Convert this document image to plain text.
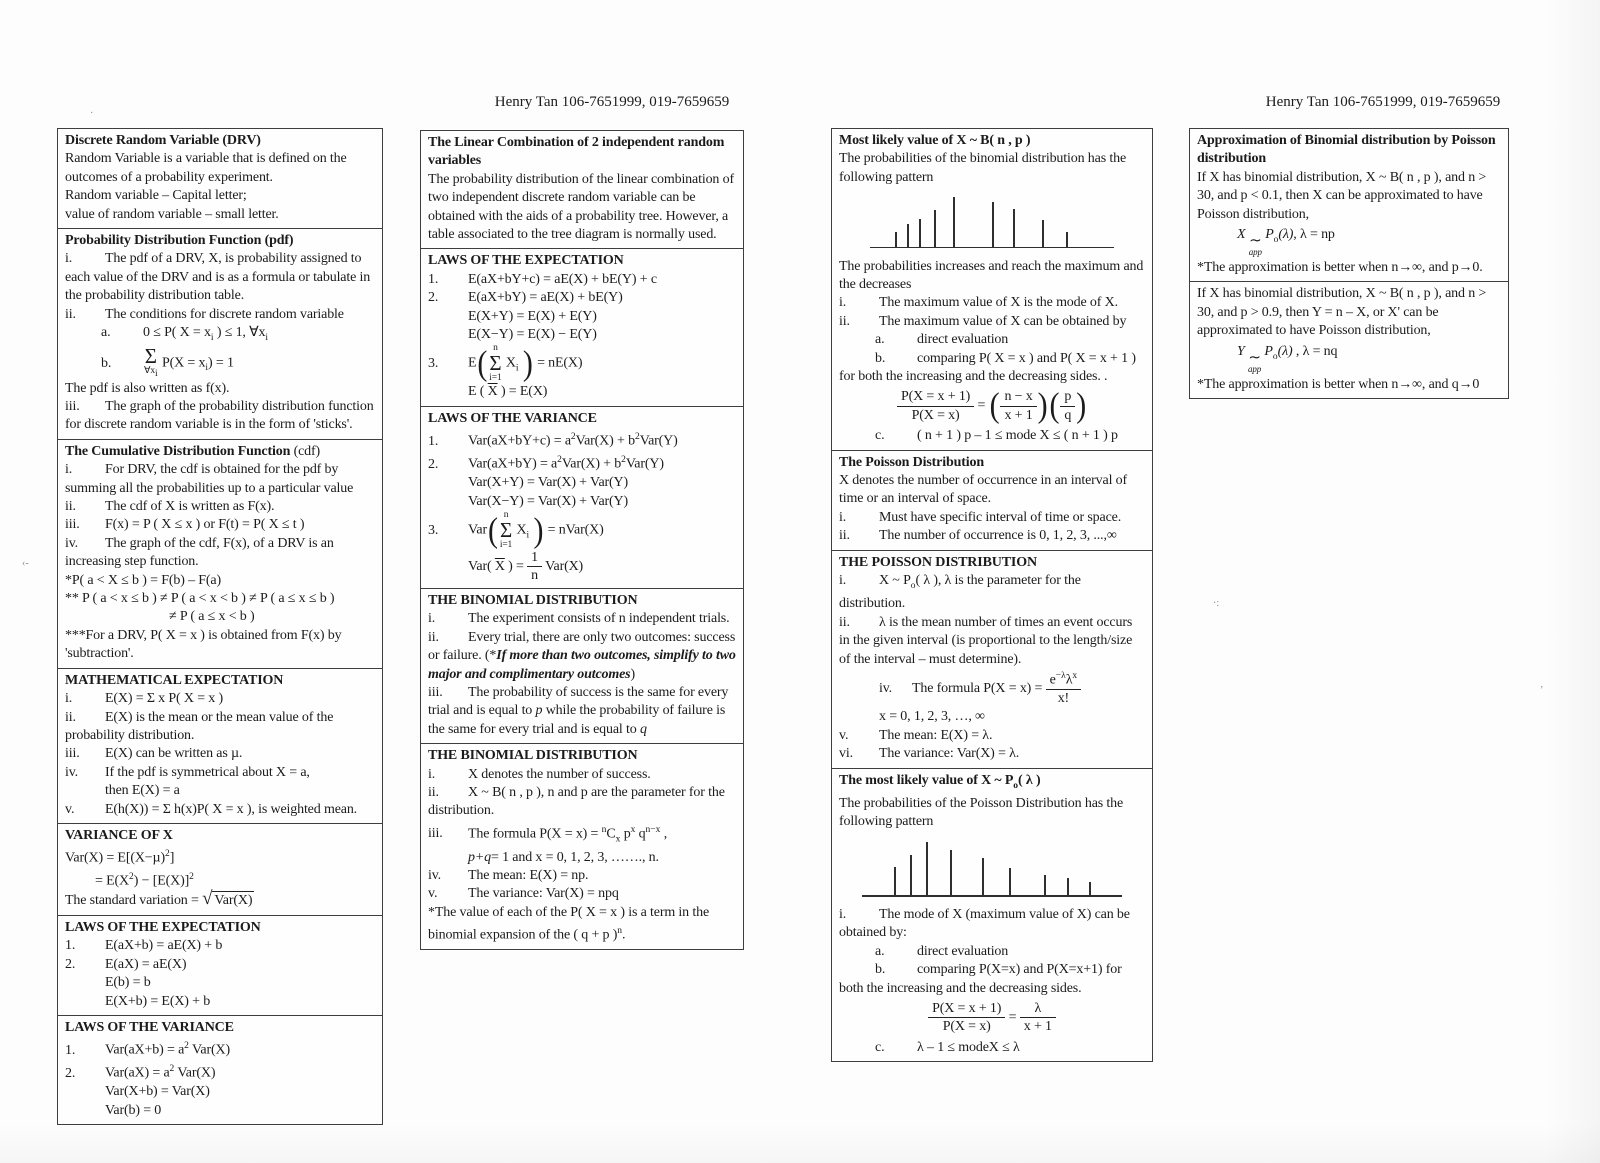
Henry Tan 106-7651999, 019-7659659	Henry Tan 106-7651999, 019-7659659
Discrete Random Variable (DRV)
Random Variable is a variable that is defined on the outcomes of a probability experiment.
Random variable – Capital letter;
value of random variable – small letter.
Probability Distribution Function (pdf)
i. The pdf of a DRV, X, is probability assigned to each value of the DRV and is as a formula or tabulate in the probability distribution table.
ii. The conditions for discrete random variable
a. 0 ≤ P( $X = x_i$ ) ≤ 1, $\forall x_i$
b. Σ
$\forall x_i$
$P(X = x_i) = 1$
The pdf is also written as f(x).
iii. The graph of the probability distribution function for discrete random variable is in the form of 'sticks'.
The Cumulative Distribution Function (cdf)
i. For DRV, the cdf is obtained for the pdf by summing all the probabilities up to a particular value
ii. The cdf of X is written as F(x).
iii. F(x) = P ( X ≤ x ) or F(t) = P( X ≤ t )
iv. The graph of the cdf, F(x), of a DRV is an increasing step function.
*P( a < X ≤ b ) = F(b) – F(a)
** P ( a < x ≤ b ) ≠ P ( a < x < b ) ≠ P ( a ≤ x ≤ b )
≠ P ( a ≤ x < b )
***For a DRV, P( X = x ) is obtained from F(x) by 'subtraction'.
MATHEMATICAL EXPECTATION
i. E(X) = Σ x P( X = x )
ii. E(X) is the mean or the mean value of the probability distribution.
iii. E(X) can be written as µ.
iv. If the pdf is symmetrical about X = a,
then E(X) = a
v. E(h(X)) = Σ h(x)P( X = x ), is weighted mean.
VARIANCE OF X
$Var(X) = E[(X-\mu)^2]$
= $E(X^2) - [E(X)]^2$
The standard variation = √ Var(X)
LAWS OF THE EXPECTATION
1. E(aX+b) = aE(X) + b
2. E(aX) = aE(X)
E(b) = b
E(X+b) = E(X) + b
LAWS OF THE VARIANCE
1. $Var(aX+b) = a^2$ Var(X)
2. $Var(aX) = a^2$ Var(X)
Var(X+b) = Var(X)
Var(b) = 0
The Linear Combination of 2 independent random variables
The probability distribution of the linear combination of two independent discrete random variable can be obtained with the aids of a probability tree. However, a table associated to the tree diagram is normally used.
LAWS OF THE EXPECTATION
1. E(aX+bY+c) = aE(X) + bE(Y) + c
2. E(aX+bY) = aE(X) + bE(Y)
E(X+Y) = E(X) + E(Y)
E(X−Y) = E(X) − E(Y)
3. E ( n
Σ
i=1
$X_i$ ) = nE(X)
E ( $\overline{X}$ ) = E(X)
LAWS OF THE VARIANCE
1. $Var(aX+bY+c) = a^2Var(X) + b^2Var(Y)$
2. $Var(aX+bY) = a^2Var(X) + b^2Var(Y)$
Var(X+Y) = Var(X) + Var(Y)
Var(X−Y) = Var(X) + Var(Y)
3. Var ( n
Σ
i=1
$X_i$ ) = nVar(X)
Var( $\overline{X}$ ) = $\frac{1}{n} Var(X)$
THE BINOMIAL DISTRIBUTION
i. The experiment consists of n independent trials.
ii. Every trial, there are only two outcomes: success or failure. (*If more than two outcomes, simplify to two major and complimentary outcomes)
iii. The probability of success is the same for every trial and is equal to p while the probability of failure is the same for every trial and is equal to q
THE BINOMIAL DISTRIBUTION
i. X denotes the number of success.
ii. X ~ B( n , p ), n and p are the parameter for the distribution.
iii. The formula $P(X = x) = ^nC_x$ $p^x$ $q^{n-x}$ ,
p+q= 1 and x = 0, 1, 2, 3, ……., n.
iv. The mean: E(X) = np.
v. The variance: Var(X) = npq
*The value of each of the P( X = x ) is a term in the binomial expansion of the ( q + p )$^n$.
Most likely value of X ~ B( n , p )
The probabilities of the binomial distribution has the following pattern
The probabilities increases and reach the maximum and the decreases
i. The maximum value of X is the mode of X.
ii. The maximum value of X can be obtained by
a. direct evaluation
b. comparing P( X = x ) and P( X = x + 1 )
for both the increasing and the decreasing sides. .
$\frac{P(X = x + 1)}{P(X = x)}$ = ( $\frac{n - x}{x + 1}$ ) ( $\frac{p}{q}$ )
c. ( n + 1 ) p – 1 ≤ mode X ≤ ( n + 1 ) p
The Poisson Distribution
X denotes the number of occurrence in an interval of time or an interval of space.
i. Must have specific interval of time or space.
ii. The number of occurrence is 0, 1, 2, 3, ...,∞
THE POISSON DISTRIBUTION
i. X ~ $P_o$( λ ), λ is the parameter for the distribution.
ii. λ is the mean number of times an event occurs in the given interval (is proportional to the length/size of the interval – must determine).
iv. The formula $P(X = x) = \frac{e^{-\lambda}\lambda^x}{x!}$
x = 0, 1, 2, 3, …, ∞
v. The mean: E(X) = λ.
vi. The variance: Var(X) = λ.
The most likely value of X ~ $P_o$( λ )
The probabilities of the Poisson Distribution has the following pattern
i. The mode of X (maximum value of X) can be obtained by:
a. direct evaluation
b. comparing P(X=x) and P(X=x+1) for
both the increasing and the decreasing sides.
$\frac{P(X = x + 1)}{P(X = x)} = \frac{\lambda}{x + 1}$
c. λ – 1 ≤ modeX ≤ λ
Approximation of Binomial distribution by Poisson distribution
If X has binomial distribution, X ~ B( n , p ), and n > 30, and p < 0.1, then X can be approximated to have Poisson distribution,
X ∼
app
$P_o(\lambda)$, λ = np
*The approximation is better when n→∞, and p→0.
If X has binomial distribution, X ~ B( n , p ), and n > 30, and p > 0.9, then Y = n – X, or X' can be approximated to have Poisson distribution,
Y ∼
app
$P_o(\lambda)$ , λ = nq
*The approximation is better when n→∞, and q→0
‹-
·:
’
·
